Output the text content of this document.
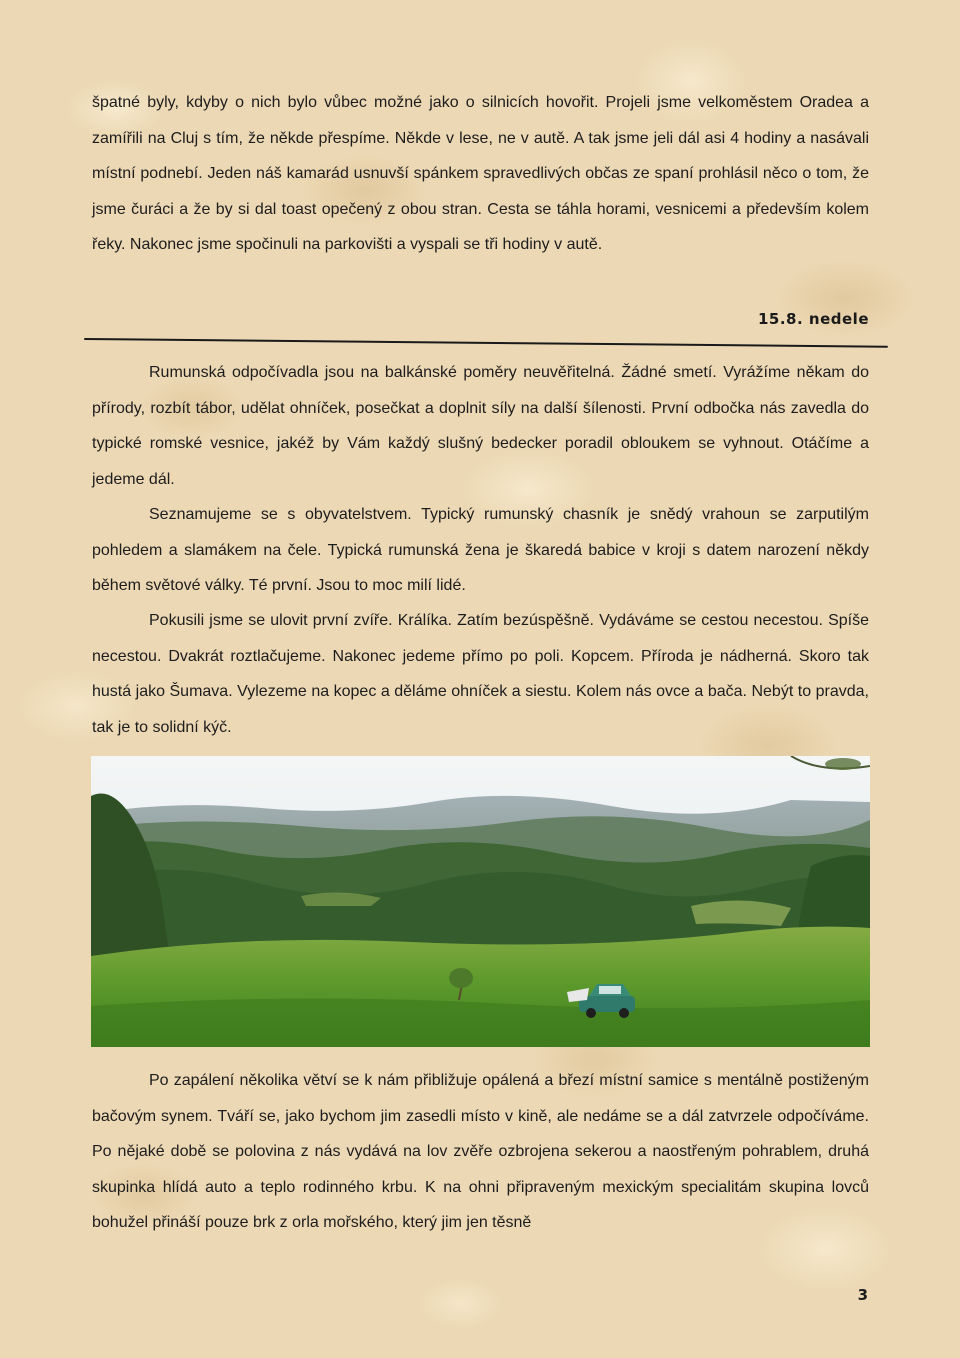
špatné byly, kdyby o nich bylo vůbec možné jako o silnicích hovořit. Projeli jsme velkoměstem Oradea a zamířili na Cluj s tím, že někde přespíme. Někde v lese, ne v autě. A tak jsme jeli dál asi 4 hodiny a nasávali místní podnebí. Jeden náš kamarád usnuvší spánkem spravedlivých občas ze spaní prohlásil něco o tom, že jsme čuráci a že by si dal toast opečený z obou stran. Cesta se táhla horami, vesnicemi a především kolem řeky. Nakonec jsme spočinuli na parkovišti a vyspali se tři hodiny v autě.

15.8. nedele

Rumunská odpočívadla jsou na balkánské poměry neuvěřitelná. Žádné smetí. Vyrážíme někam do přírody, rozbít tábor, udělat ohníček, posečkat a doplnit síly na další šílenosti. První odbočka nás zavedla do typické romské vesnice, jakéž by Vám každý slušný bedecker poradil obloukem se vyhnout. Otáčíme a jedeme dál.

Seznamujeme se s obyvatelstvem. Typický rumunský chasník je snědý vrahoun se zarputilým pohledem a slamákem na čele. Typická rumunská žena je škaredá babice v kroji s datem narození někdy během světové války. Té první. Jsou to moc milí lidé.

Pokusili jsme se ulovit první zvíře. Králíka. Zatím bezúspěšně. Vydáváme se cestou necestou. Spíše necestou. Dvakrát roztlačujeme. Nakonec jedeme přímo po poli. Kopcem. Příroda je nádherná. Skoro tak hustá jako Šumava. Vylezeme na kopec a děláme ohníček a siestu. Kolem nás ovce a bača. Nebýt to pravda, tak je to solidní kýč.

Po zapálení několika větví se k nám přibližuje opálená a březí místní samice s mentálně postiženým bačovým synem. Tváří se, jako bychom jim zasedli místo v kině, ale nedáme se a dál zatvrzele odpočíváme. Po nějaké době se polovina z nás vydává na lov zvěře ozbrojena sekerou a naostřeným pohrablem, druhá skupinka hlídá auto a teplo rodinného krbu. K na ohni připraveným mexickým specialitám skupina lovců bohužel přináší pouze brk z orla mořského, který jim jen těsně

3
